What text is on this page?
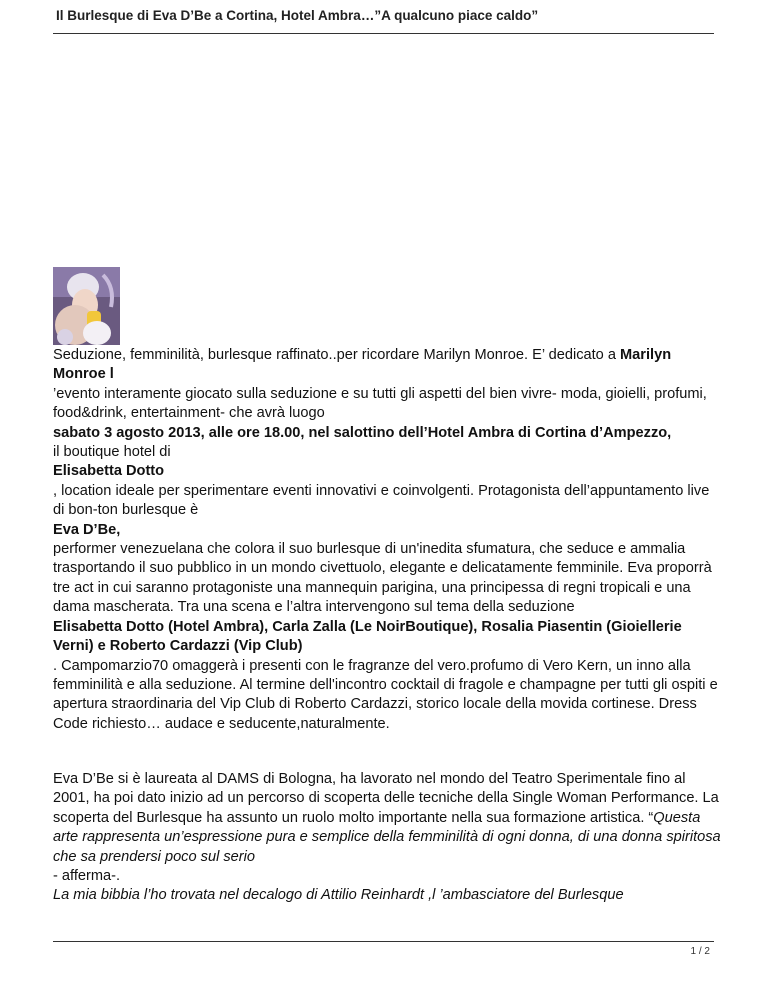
Il Burlesque di Eva D’Be a Cortina, Hotel Ambra…”A qualcuno piace caldo”

Seduzione, femminilità, burlesque raffinato..per ricordare Marilyn Monroe. E’ dedicato a Marilyn Monroe l

’evento interamente giocato sulla seduzione e su tutti gli aspetti del bien vivre- moda, gioielli, profumi, food&drink, entertainment- che avrà luogo

sabato 3 agosto 2013, alle ore 18.00, nel salottino dell’Hotel Ambra di Cortina d’Ampezzo,

il boutique hotel di

Elisabetta Dotto

, location ideale per sperimentare eventi innovativi e coinvolgenti. Protagonista dell’appuntamento live di bon-ton burlesque è

Eva D’Be,

performer venezuelana che colora il suo burlesque di un'inedita sfumatura, che seduce e ammalia trasportando il suo pubblico in un mondo civettuolo, elegante e delicatamente femminile. Eva proporrà tre act in cui saranno protagoniste una mannequin parigina, una principessa di regni tropicali e una dama mascherata. Tra una scena e l’altra intervengono sul tema della seduzione

Elisabetta Dotto (Hotel Ambra), Carla Zalla (Le NoirBoutique), Rosalia Piasentin (Gioiellerie Verni) e Roberto Cardazzi (Vip Club)

. Campomarzio70 omaggerà i presenti con le fragranze del vero.profumo di Vero Kern, un inno alla femminilità e alla seduzione. Al termine dell'incontro cocktail di fragole e champagne per tutti gli ospiti e apertura straordinaria del Vip Club di Roberto Cardazzi, storico locale della movida cortinese. Dress Code richiesto… audace e seducente,naturalmente.

Eva D’Be si è laureata al DAMS di Bologna, ha lavorato nel mondo del Teatro Sperimentale fino al 2001, ha poi dato inizio ad un percorso di scoperta delle tecniche della Single Woman Performance. La scoperta del Burlesque ha assunto un ruolo molto importante nella sua formazione artistica. “Questa arte rappresenta un’espressione pura e semplice della femminilità di ogni donna, di una donna spiritosa che sa prendersi poco sul serio

- afferma-.

La mia bibbia l’ho trovata nel decalogo di Attilio Reinhardt ,l ’ambasciatore del Burlesque

1 / 2
